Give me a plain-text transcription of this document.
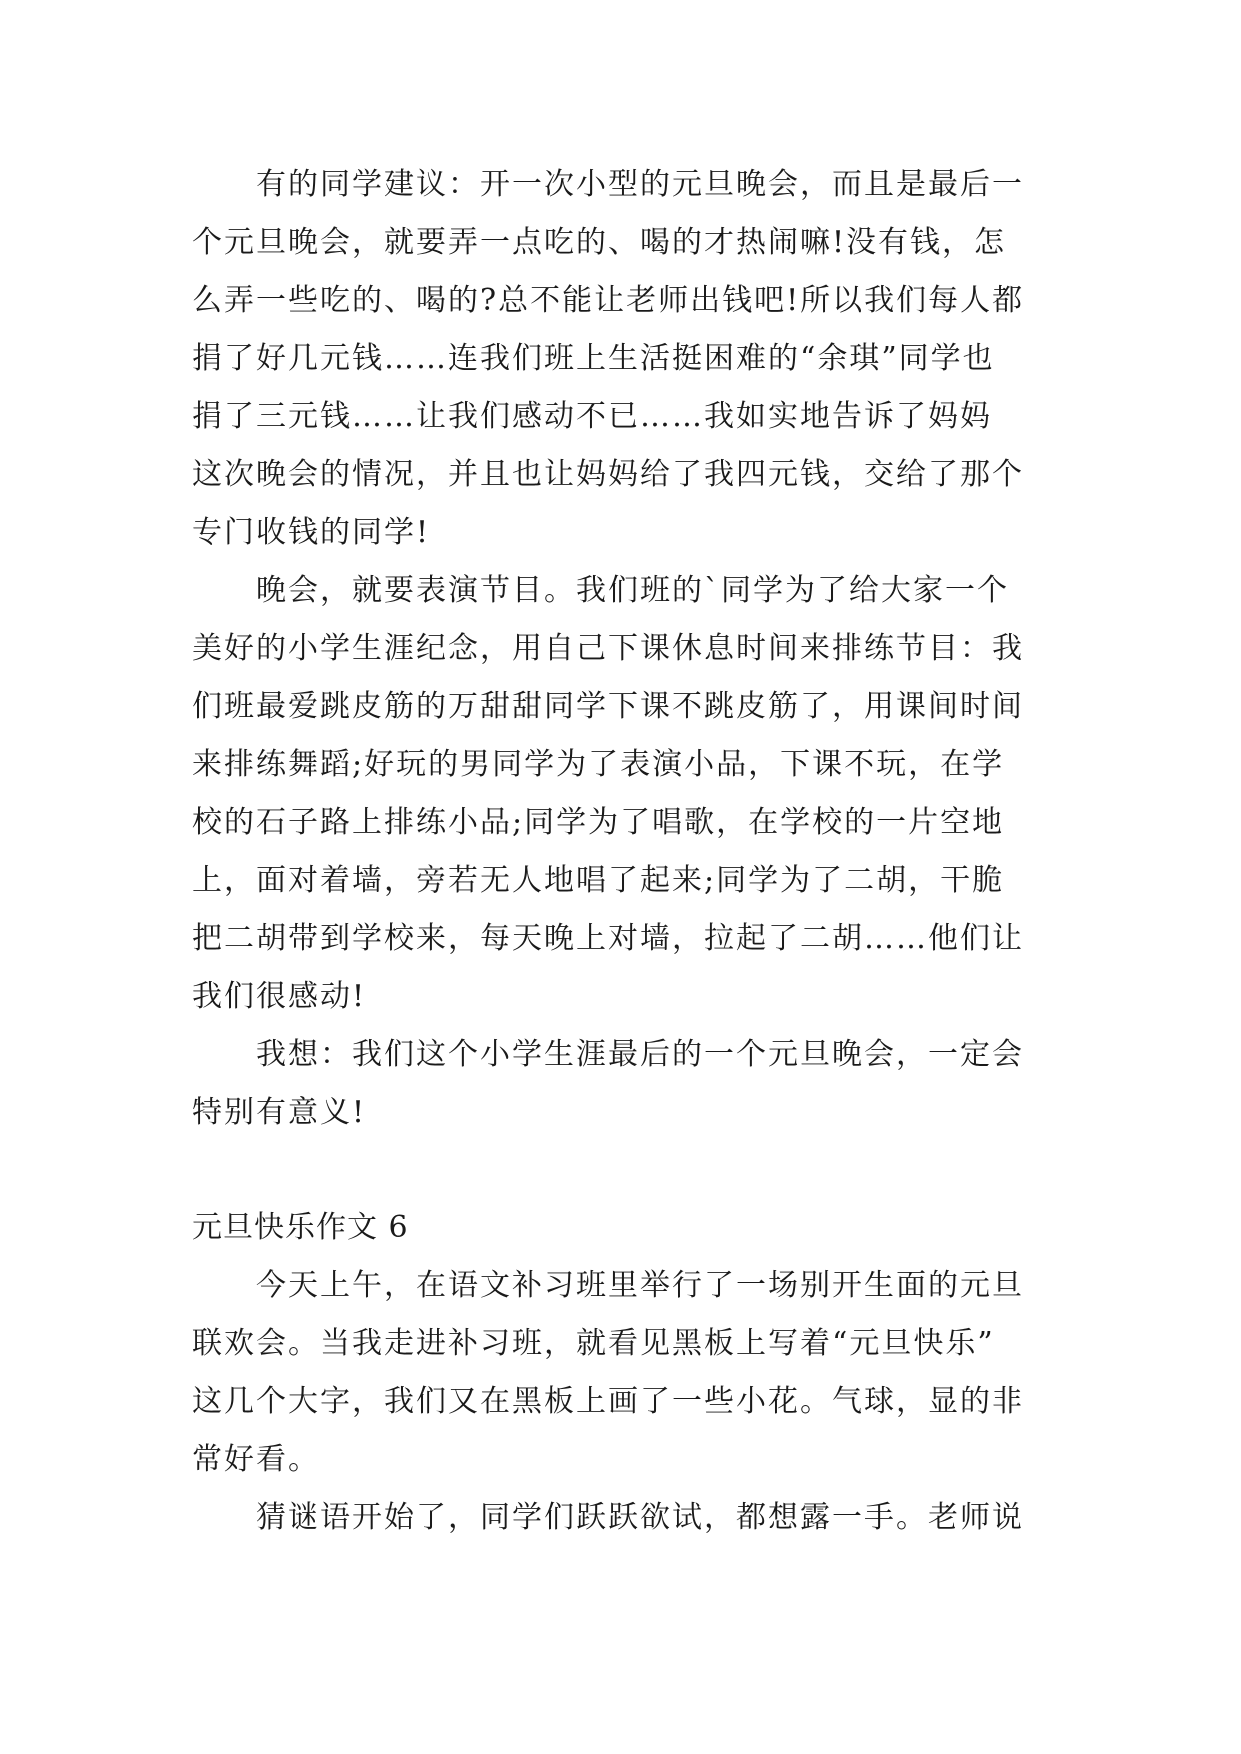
有的同学建议：开一次小型的元旦晚会，而且是最后一
个元旦晚会，就要弄一点吃的、喝的才热闹嘛!没有钱，怎
么弄一些吃的、喝的?总不能让老师出钱吧!所以我们每人都
捐了好几元钱……连我们班上生活挺困难的“余琪”同学也
捐了三元钱……让我们感动不已……我如实地告诉了妈妈
这次晚会的情况，并且也让妈妈给了我四元钱，交给了那个
专门收钱的同学!
晚会，就要表演节目。我们班的`同学为了给大家一个
美好的小学生涯纪念，用自己下课休息时间来排练节目：我
们班最爱跳皮筋的万甜甜同学下课不跳皮筋了，用课间时间
来排练舞蹈;好玩的男同学为了表演小品，下课不玩，在学
校的石子路上排练小品;同学为了唱歌，在学校的一片空地
上，面对着墙，旁若无人地唱了起来;同学为了二胡，干脆
把二胡带到学校来，每天晚上对墙，拉起了二胡……他们让
我们很感动!
我想：我们这个小学生涯最后的一个元旦晚会，一定会
特别有意义!
元旦快乐作文 6
今天上午，在语文补习班里举行了一场别开生面的元旦
联欢会。当我走进补习班，就看见黑板上写着“元旦快乐”
这几个大字，我们又在黑板上画了一些小花。气球，显的非
常好看。
猜谜语开始了，同学们跃跃欲试，都想露一手。老师说
